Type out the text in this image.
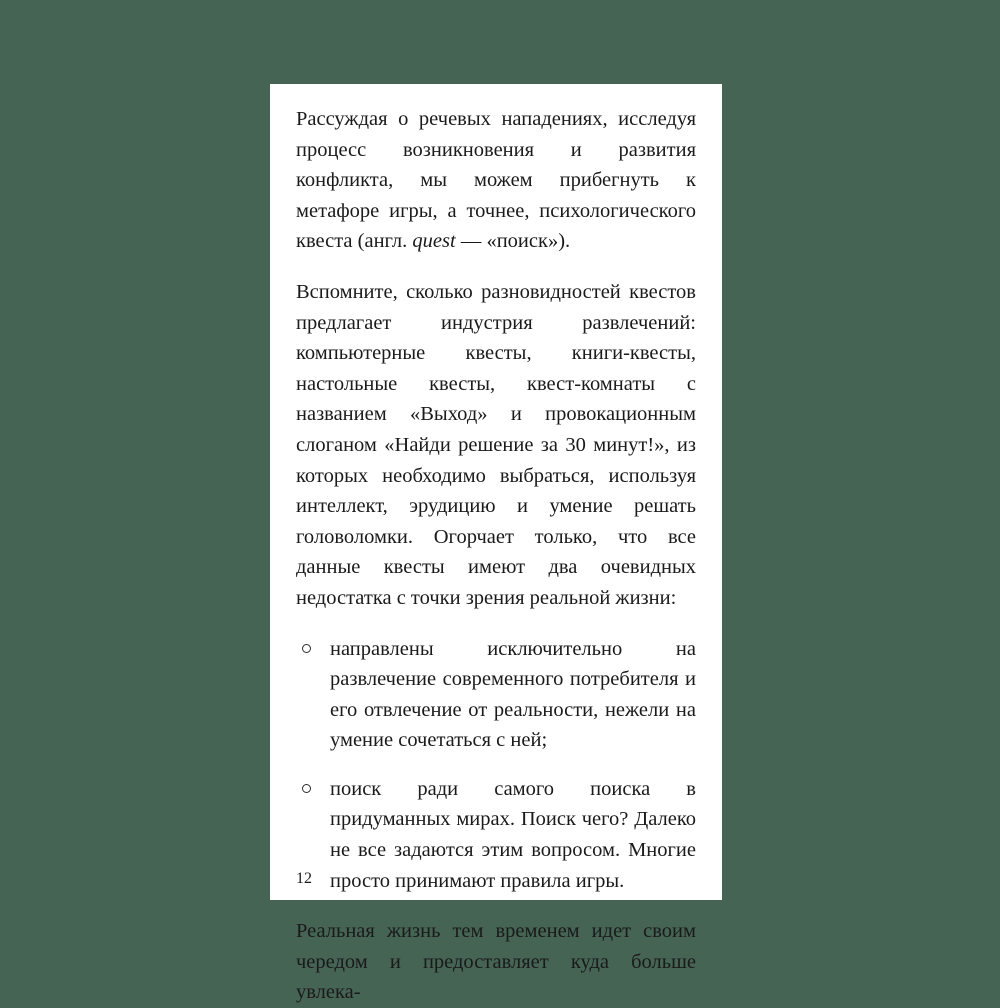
Рассуждая о речевых нападениях, исследуя процесс возникновения и развития конфликта, мы можем прибегнуть к метафоре игры, а точнее, психологического квеста (англ. quest — «поиск»).

Вспомните, сколько разновидностей квестов предлагает индустрия развлечений: компьютерные квесты, книги-квесты, настольные квесты, квест-комнаты с названием «Выход» и провокационным слоганом «Найди решение за 30 минут!», из которых необходимо выбраться, используя интеллект, эрудицию и умение решать головоломки. Огорчает только, что все данные квесты имеют два очевидных недостатка с точки зрения реальной жизни:

направлены исключительно на развлечение современного потребителя и его отвлечение от реальности, нежели на умение сочетаться с ней;
поиск ради самого поиска в придуманных мирах. Поиск чего? Далеко не все задаются этим вопросом. Многие просто принимают правила игры.

Реальная жизнь тем временем идет своим чередом и предоставляет куда больше увлека-

12
